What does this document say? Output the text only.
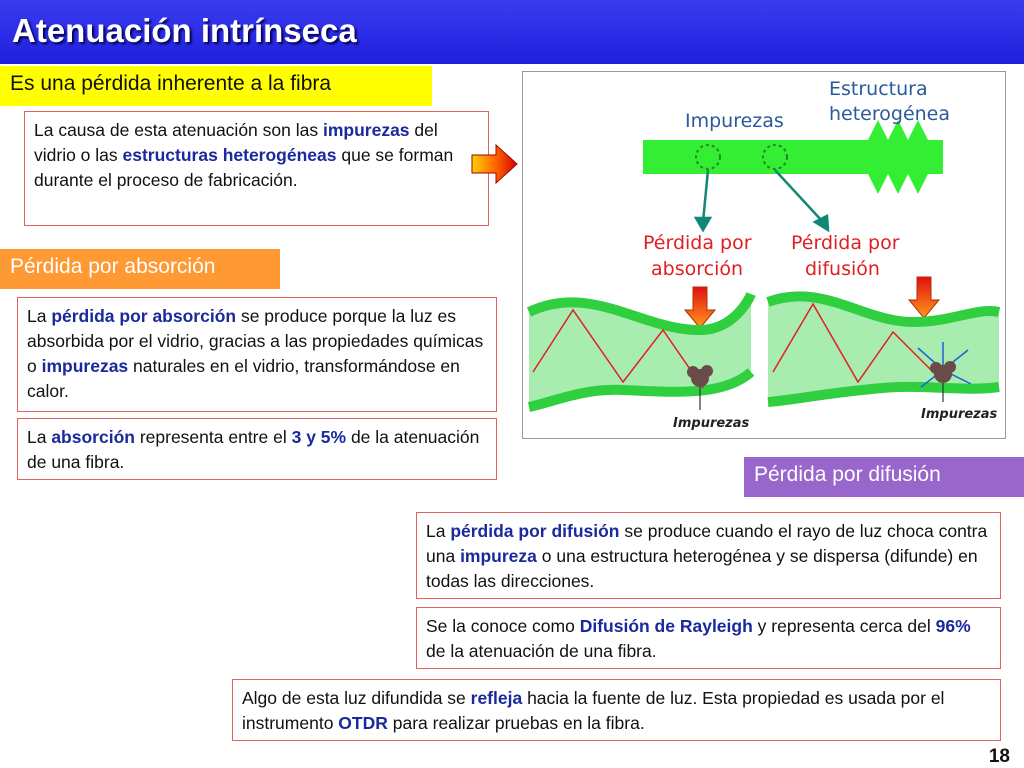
Atenuación intrínseca
Es una pérdida inherente a la fibra
La causa de esta atenuación son las impurezas del vidrio o las estructuras heterogéneas que se forman durante el proceso de fabricación.
Pérdida por absorción
La pérdida por absorción se produce porque la luz es absorbida por el vidrio, gracias a las propiedades químicas o impurezas naturales en el vidrio, transformándose en calor.
La absorción representa entre el 3 y 5% de la atenuación de una fibra.
Impurezas
Estructura
heterogénea
Pérdida por
absorción
Pérdida por
difusión
Impurezas
Impurezas
Pérdida por difusión
La pérdida por difusión se produce cuando el rayo de luz choca contra una impureza o una estructura heterogénea y se dispersa (difunde) en todas las direcciones.
Se la conoce como Difusión de Rayleigh y representa cerca del 96% de la atenuación de una fibra.
Algo de esta luz difundida se refleja hacia la fuente de luz. Esta propiedad es usada por el instrumento OTDR para realizar pruebas en la fibra.
18
